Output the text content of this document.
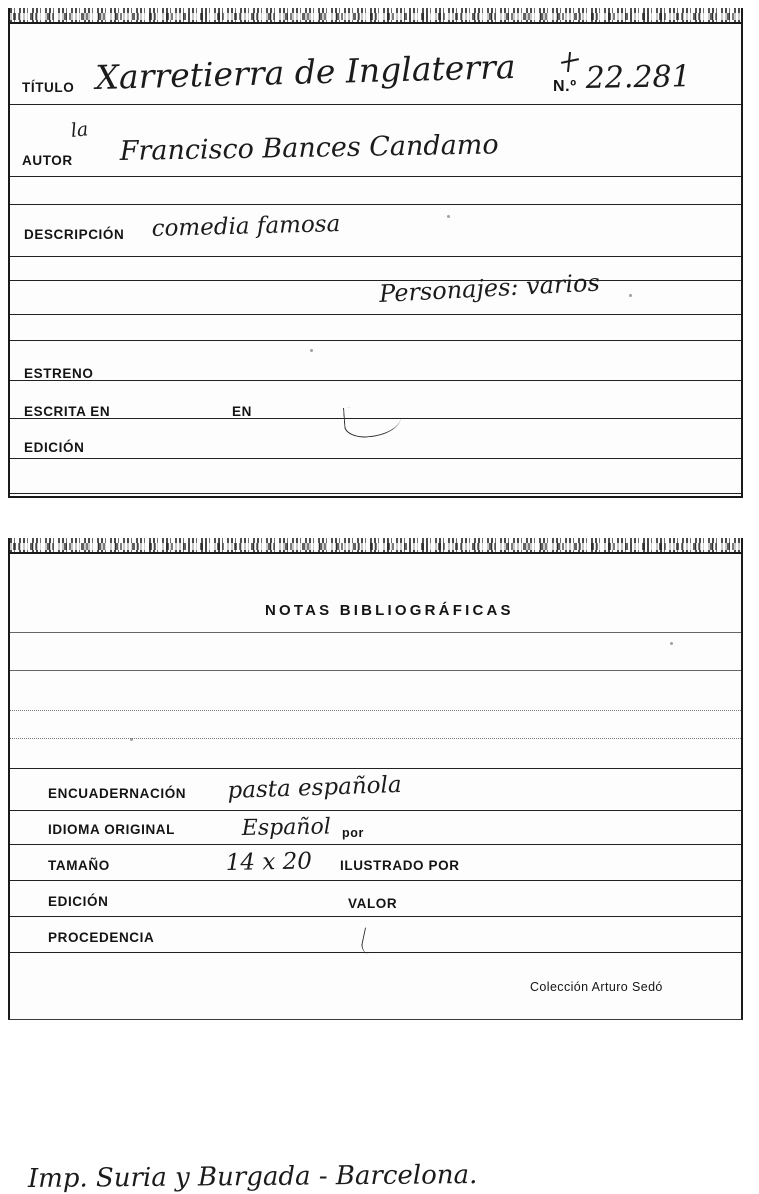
TÍTULO Xarretierra de Inglaterra N.º 22.281
AUTOR
la Francisco Bances Candamo
DESCRIPCIÓN comedia famosa
Personajes: varios
ESTRENO
ESCRITA EN	EN
EDICIÓN
NOTAS BIBLIOGRÁFICAS
Imp. Suria y Burgada - Barcelona.
ENCUADERNACIÓN pasta española
IDIOMA ORIGINAL	Español por
TAMAÑO	14 x 20 ILUSTRADO POR
EDICIÓN	VALOR
PROCEDENCIA
Colección Arturo Sedó
